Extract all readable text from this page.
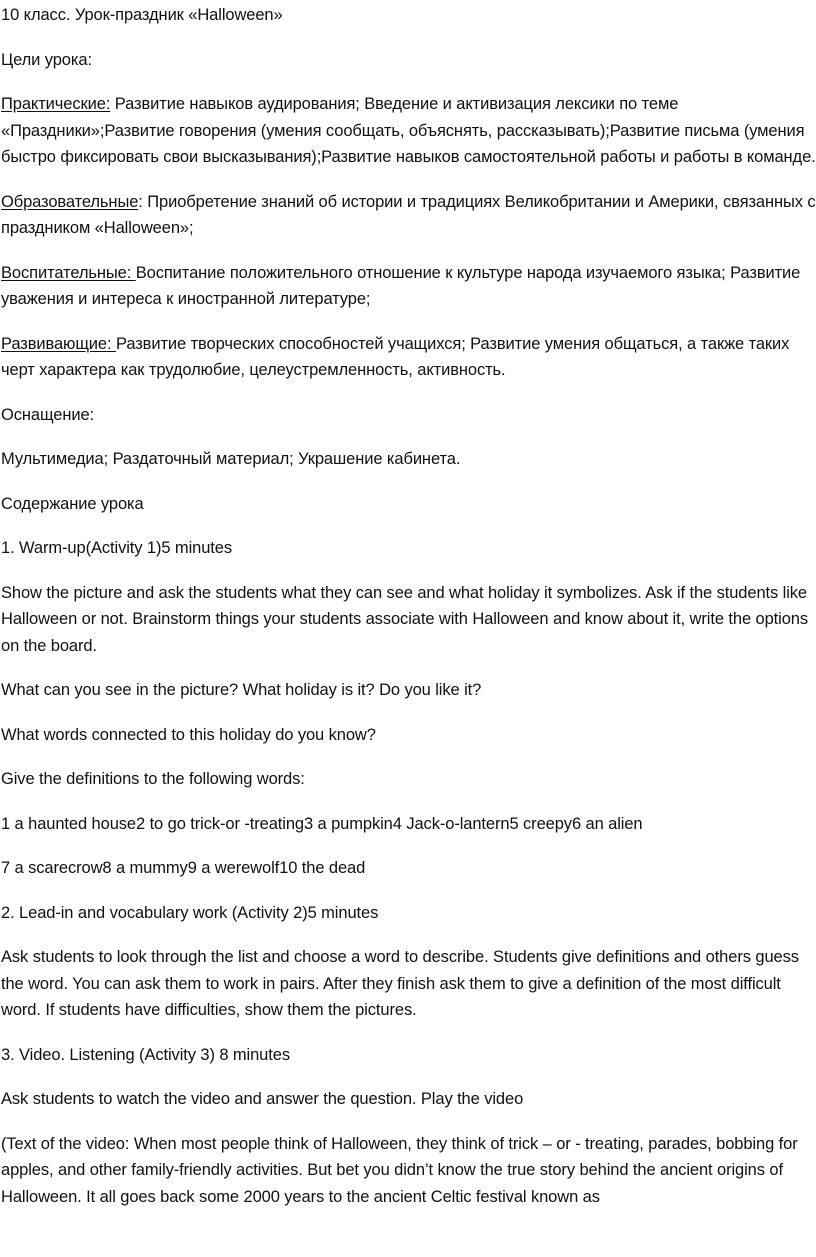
10 класс. Урок-праздник «Halloween»

Цели урока:

Практические: Развитие навыков аудирования; Введение и активизация лексики по теме «Праздники»;Развитие говорения (умения сообщать, объяснять, рассказывать);Развитие письма (умения быстро фиксировать свои высказывания);Развитие навыков самостоятельной работы и работы в команде.

Образовательные: Приобретение знаний об истории и традициях Великобритании и Америки, связанных с праздником «Halloween»;

Воспитательные: Воспитание положительного отношение к культуре народа изучаемого языка; Развитие уважения и интереса к иностранной литературе;

Развивающие: Развитие творческих способностей учащихся; Развитие умения общаться, а также таких черт характера как трудолюбие, целеустремленность, активность.

Оснащение:

Мультимедиа; Раздаточный материал; Украшение кабинета.

Содержание урока

1. Warm-up(Activity 1)5 minutes

Show the picture and ask the students what they can see and what holiday it symbolizes. Ask if the students like Halloween or not. Brainstorm things your students associate with Halloween and know about it, write the options on the board.

What can you see in the picture? What holiday is it? Do you like it?

What words connected to this holiday do you know?

Give the definitions to the following words:

1 a haunted house2 to go trick-or -treating3 a pumpkin4 Jack-o-lantern5 creepy6 an alien

7 a scarecrow8 a mummy9 a werewolf10 the dead

2. Lead-in and vocabulary work (Activity 2)5 minutes

Ask students to look through the list and choose a word to describe. Students give definitions and others guess the word. You can ask them to work in pairs. After they finish ask them to give a definition of the most difficult word. If students have difficulties, show them the pictures.

3. Video. Listening (Activity 3) 8 minutes

Ask students to watch the video and answer the question. Play the video

(Text of the video: When most people think of Halloween, they think of trick – or - treating, parades, bobbing for apples, and other family-friendly activities. But bet you didn’t know the true story behind the ancient origins of Halloween. It all goes back some 2000 years to the ancient Celtic festival known as
